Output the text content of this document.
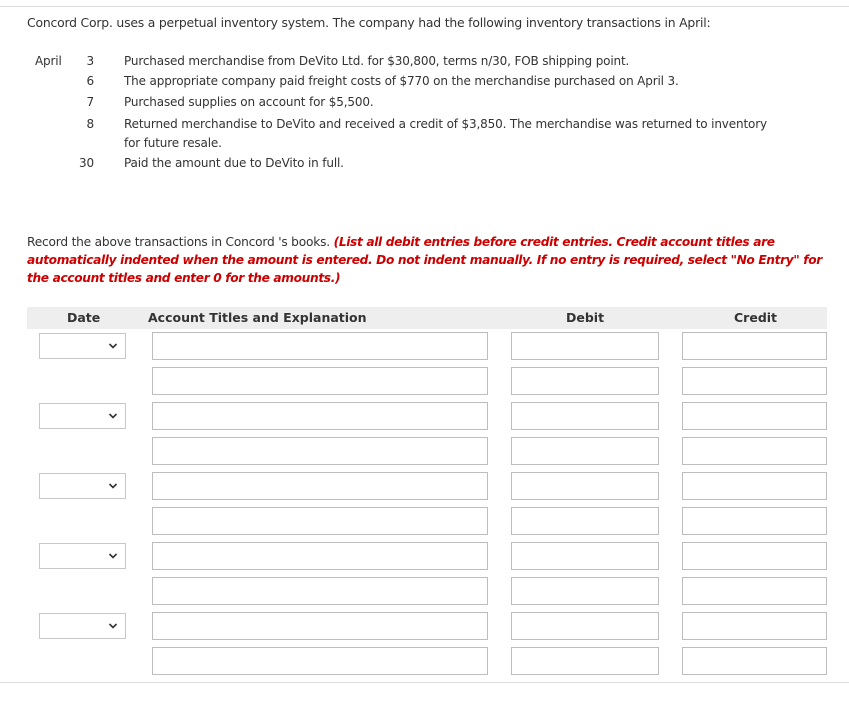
Concord Corp. uses a perpetual inventory system. The company had the following inventory transactions in April:
April	3	Purchased merchandise from DeVito Ltd. for $30,800, terms n/30, FOB shipping point.
6	The appropriate company paid freight costs of $770 on the merchandise purchased on April 3.
7	Purchased supplies on account for $5,500.
8	Returned merchandise to DeVito and received a credit of $3,850. The merchandise was returned to inventory
for future resale.
30	Paid the amount due to DeVito in full.
Record the above transactions in Concord 's books. (List all debit entries before credit entries. Credit account titles are automatically indented when the amount is entered. Do not indent manually. If no entry is required, select "No Entry" for the account titles and enter 0 for the amounts.)
Date	Account Titles and Explanation	Debit	Credit
